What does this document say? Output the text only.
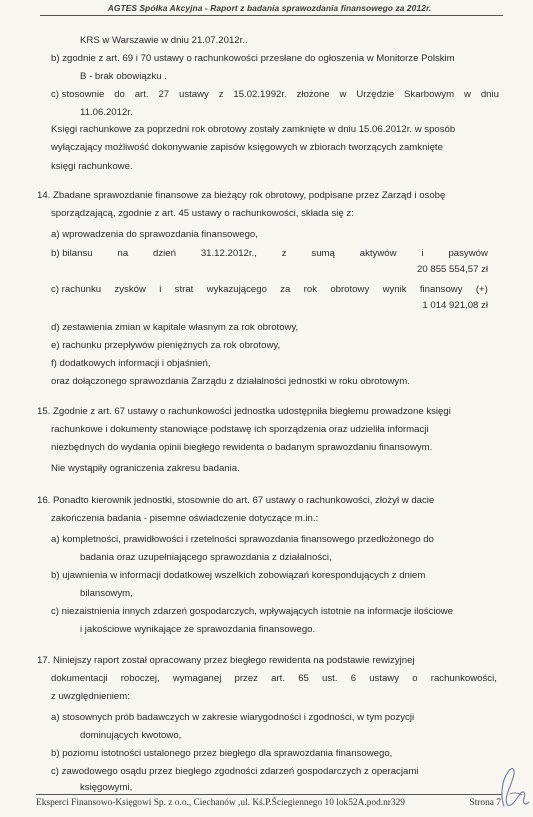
AGTES Spółka Akcyjna - Raport z badania sprawozdania finansowego za 2012r.
KRS w Warszawie w dniu 21.07.2012r..
b) zgodnie z art. 69 i 70 ustawy o rachunkowości przesłane do ogłoszenia w Monitorze Polskim
B - brak obowiązku .
c) stosownie do art. 27 ustawy z 15.02.1992r. złożone w Urzędzie Skarbowym w dniu
11.06.2012r.
Księgi rachunkowe za poprzedni rok obrotowy zostały zamknięte w dniu 15.06.2012r. w sposób
wyłączający możliwość dokonywanie zapisów księgowych w zbiorach tworzących zamknięte
księgi rachunkowe.
14. Zbadane sprawozdanie finansowe za bieżący rok obrotowy, podpisane przez Zarząd i osobę
sporządzającą, zgodnie z art. 45 ustawy o rachunkowości, składa się z:
a) wprowadzenia do sprawozdania finansowego,
b) bilansu	na	dzień	31.12.2012r.,	z	sumą	aktywów	i	pasywów
20 855 554,57 zł
c) rachunku zysków i strat wykazującego za rok obrotowy wynik finansowy (+)
1 014 921,08 zł
d) zestawienia zmian w kapitale własnym za rok obrotowy,
e) rachunku przepływów pieniężnych za rok obrotowy,
f) dodatkowych informacji i objaśnień,
oraz dołączonego sprawozdania Zarządu z działalności jednostki w roku obrotowym.
15. Zgodnie z art. 67 ustawy o rachunkowości jednostka udostępniła biegłemu prowadzone księgi
rachunkowe i dokumenty stanowiące podstawę ich sporządzenia oraz udzieliła informacji
niezbędnych do wydania opinii biegłego rewidenta o badanym sprawozdaniu finansowym.
Nie wystąpiły ograniczenia zakresu badania.
16. Ponadto kierownik jednostki, stosownie do art. 67 ustawy o rachunkowości, złożył w dacie
zakończenia badania - pisemne oświadczenie dotyczące m.in.:
a) kompletności, prawidłowości i rzetelności sprawozdania finansowego przedłożonego do
badania oraz uzupełniającego sprawozdania z działalności,
b) ujawnienia w informacji dodatkowej wszelkich zobowiązań korespondujących z dniem
bilansowym,
c) niezaistnienia innych zdarzeń gospodarczych, wpływających istotnie na informacje ilościowe
i jakościowe wynikające ze sprawozdania finansowego.
17. Niniejszy raport został opracowany przez biegłego rewidenta na podstawie rewizyjnej
dokumentacji roboczej, wymaganej przez art. 65 ust. 6 ustawy o rachunkowości,
z uwzględnieniem:
a) stosownych prób badawczych w zakresie wiarygodności i zgodności, w tym pozycji
dominujących kwotowo,
b) poziomu istotności ustalonego przez biegłego dla sprawozdania finansowego,
c) zawodowego osądu przez biegłego zgodności zdarzeń gospodarczych z operacjami
księgowymi,
Eksperci Finansowo-Księgowi Sp. z o.o., Ciechanów ,ul. Kś.P.Ściegiennego 10 lok52A.pod.nr329	Strona 7
